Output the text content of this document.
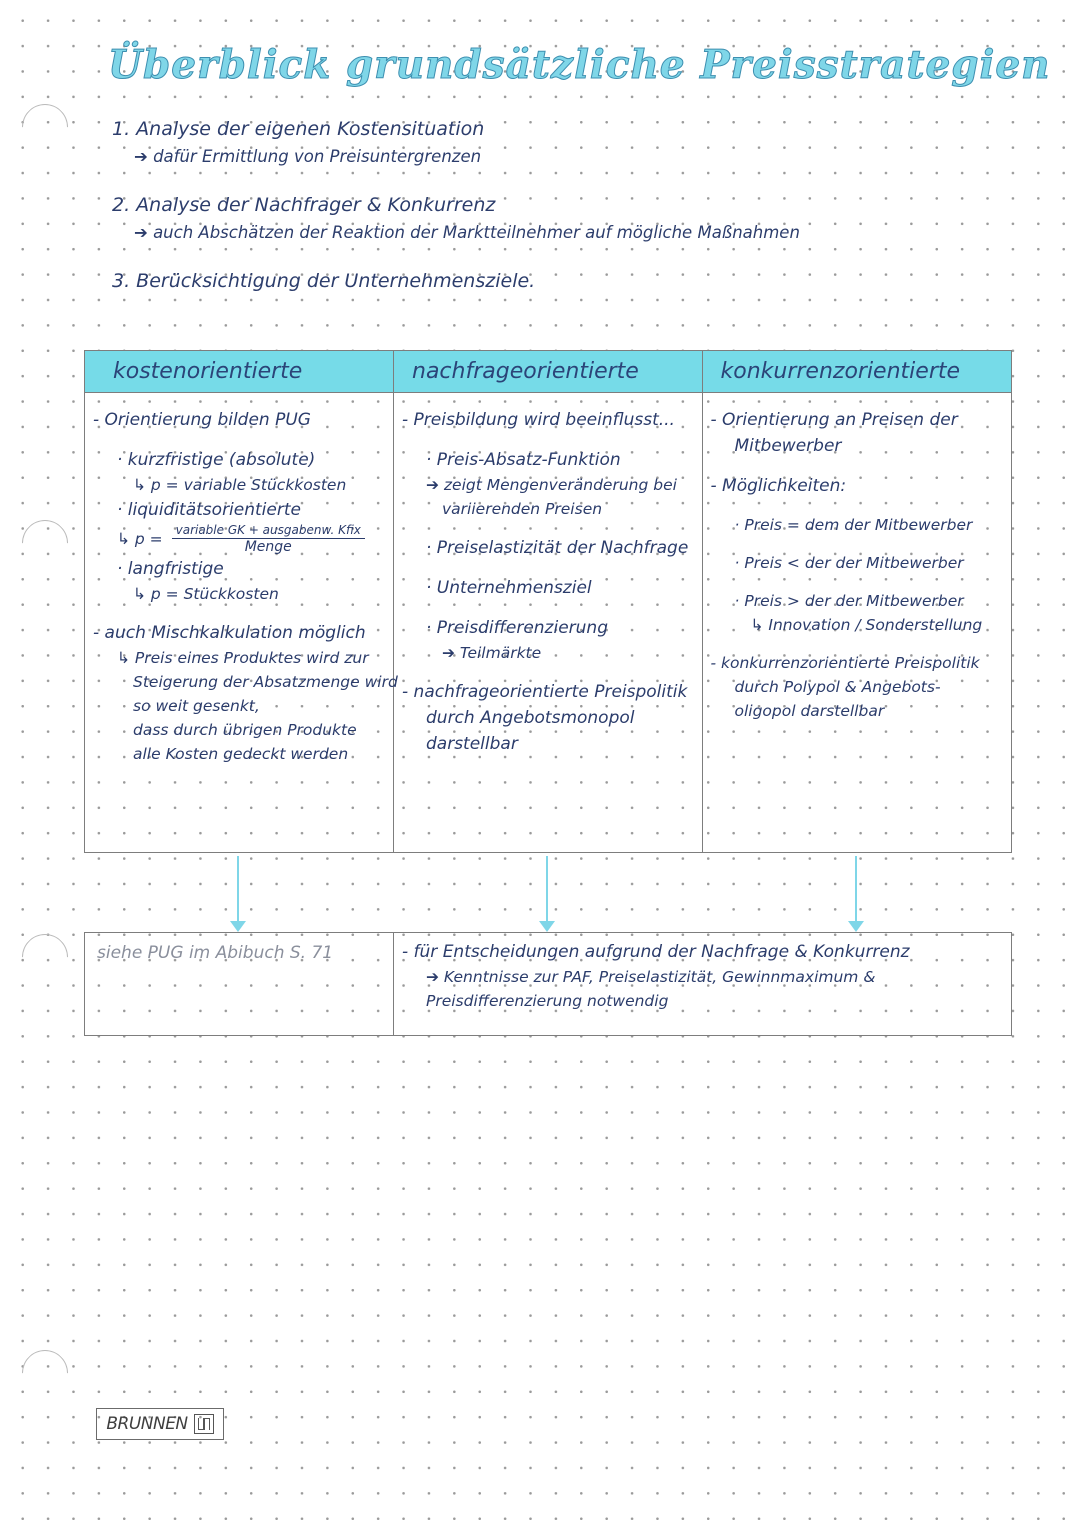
Überblick grundsätzliche Preisstrategien
1. Analyse der eigenen Kostensituation
➔ dafür Ermittlung von Preisuntergrenzen
2. Analyse der Nachfrager & Konkurrenz
➔ auch Abschätzen der Reaktion der Marktteilnehmer auf mögliche Maßnahmen
3. Berücksichtigung der Unternehmensziele.
kostenorientierte
- Orientierung bilden PUG
· kurzfristige (absolute)
↳ p = variable Stückkosten
· liquiditätsorientierte
↳ $p = \frac{\text{variable GK + ausgabenw. Kfix}}{\text{Menge}}$
· langfristige
↳ p = Stückkosten
- auch Mischkalkulation möglich
↳ Preis eines Produktes wird zur
Steigerung der Absatzmenge wird
so weit gesenkt,
dass durch übrigen Produkte
alle Kosten gedeckt werden
nachfrageorientierte
- Preisbildung wird beeinflusst...
· Preis-Absatz-Funktion
➔ zeigt Mengenveränderung bei
variierenden Preisen
· Preiselastizität der Nachfrage
· Unternehmensziel
· Preisdifferenzierung
➔ Teilmärkte
- nachfrageorientierte Preispolitik
durch Angebotsmonopol
darstellbar
konkurrenzorientierte
- Orientierung an Preisen der
Mitbewerber
- Möglichkeiten:
· Preis = dem der Mitbewerber
· Preis < der der Mitbewerber
· Preis > der der Mitbewerber
↳ Innovation / Sonderstellung
- konkurrenzorientierte Preispolitik
durch Polypol & Angebots-
oligopol darstellbar
siehe PUG im Abibuch S. 71	- für Entscheidungen aufgrund der Nachfrage & Konkurrenz
➔ Kenntnisse zur PAF, Preiselastizität, Gewinnmaximum &
Preisdifferenzierung notwendig
BRUNNEN
